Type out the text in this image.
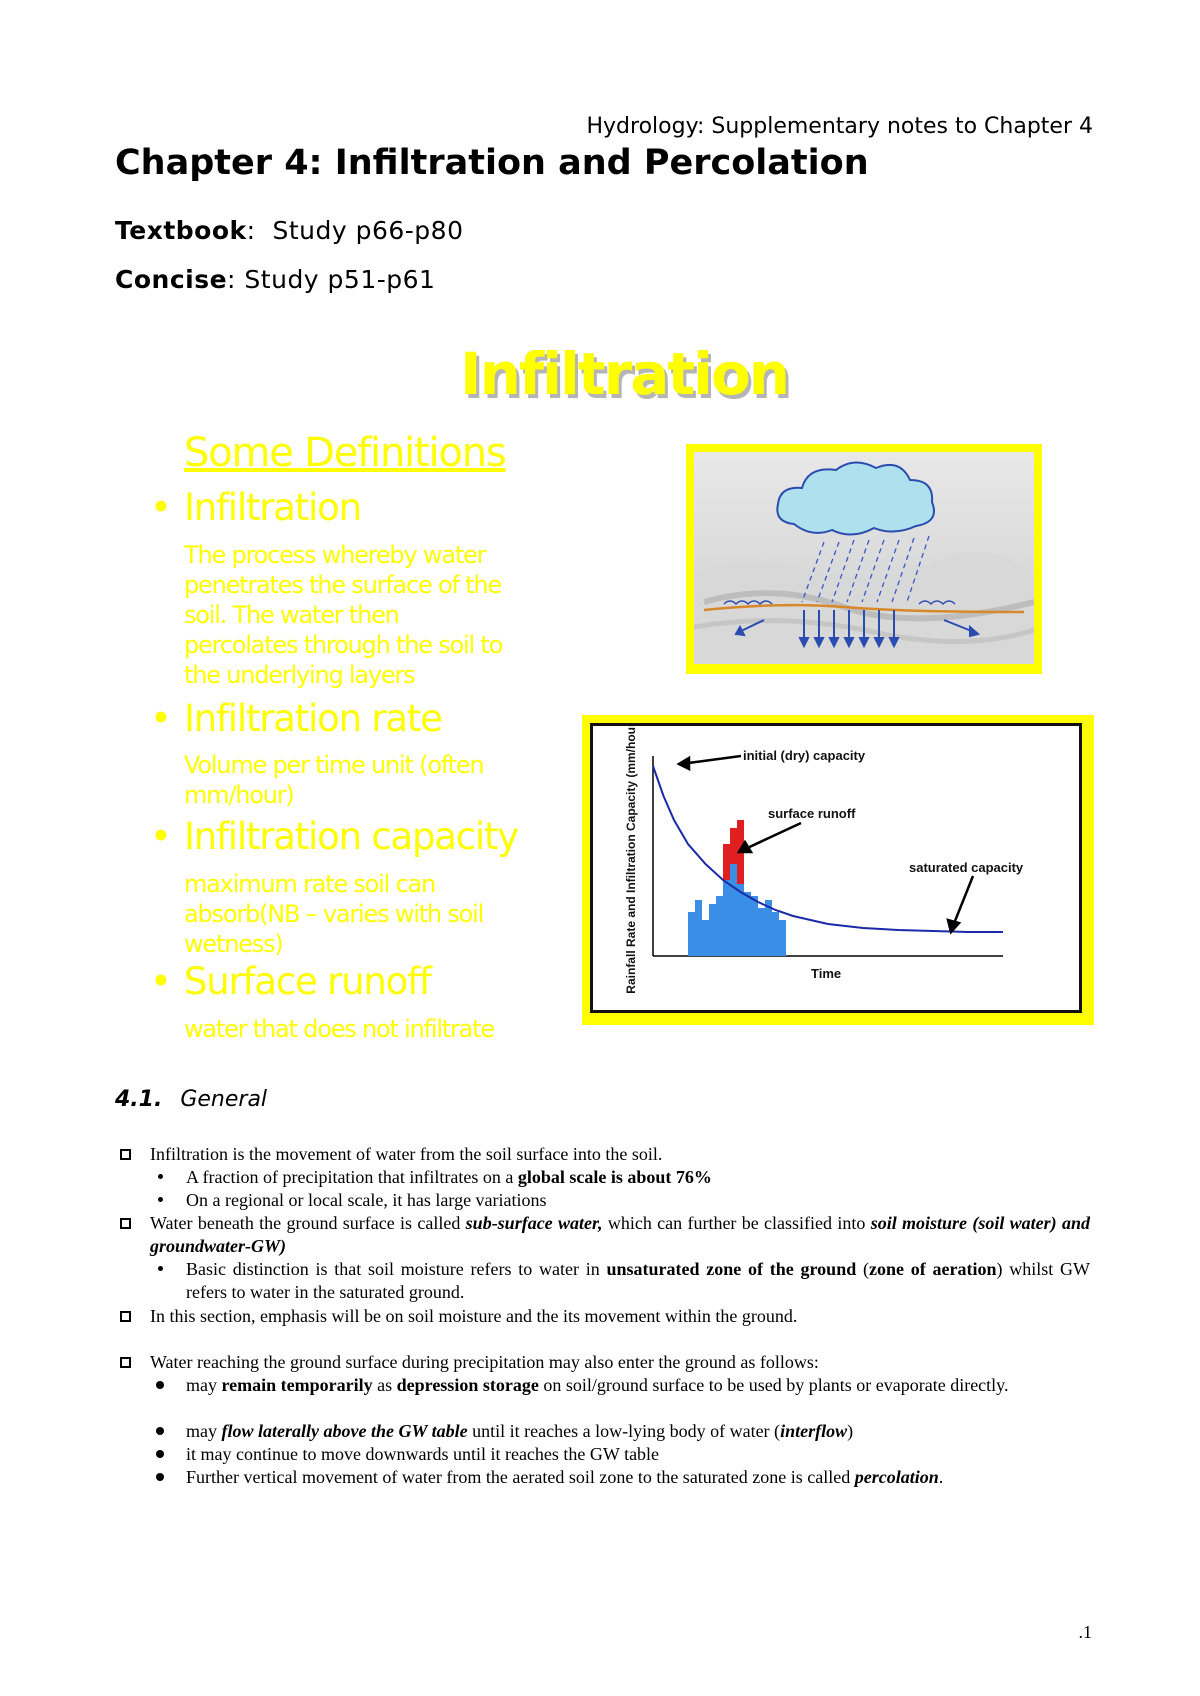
Hydrology: Supplementary notes to Chapter 4
Chapter 4: Infiltration and Percolation
Textbook:  Study p66-p80
Concise: Study p51-p61
Infiltration
Some Definitions
• Infiltration
The process whereby water
penetrates the surface of the
soil. The water then
percolates through the soil to
the underlying layers
• Infiltration rate
Volume per time unit (often
mm/hour)
• Infiltration capacity
maximum rate soil can
absorb(NB – varies with soil
wetness)
• Surface runoff
water that does not infiltrate
initial (dry) capacity
surface runoff
saturated capacity
Time
Rainfall Rate and Infiltration Capacity (mm/hour)
4.1. General
Infiltration is the movement of water from the soil surface into the soil.
A fraction of precipitation that infiltrates on a global scale is about 76%
On a regional or local scale, it has large variations
Water beneath the ground surface is called sub-surface water, which can further be classified into soil moisture (soil water) and groundwater-GW)
Basic distinction is that soil moisture refers to water in unsaturated zone of the ground (zone of aeration) whilst GW refers to water in the saturated ground.
In this section, emphasis will be on soil moisture and the its movement within the ground.
Water reaching the ground surface during precipitation may also enter the ground as follows:
may remain temporarily as depression storage on soil/ground surface to be used by plants or evaporate directly.
may flow laterally above the GW table until it reaches a low-lying body of water (interflow)
it may continue to move downwards until it reaches the GW table
Further vertical movement of water from the aerated soil zone to the saturated zone is called percolation.
.1
